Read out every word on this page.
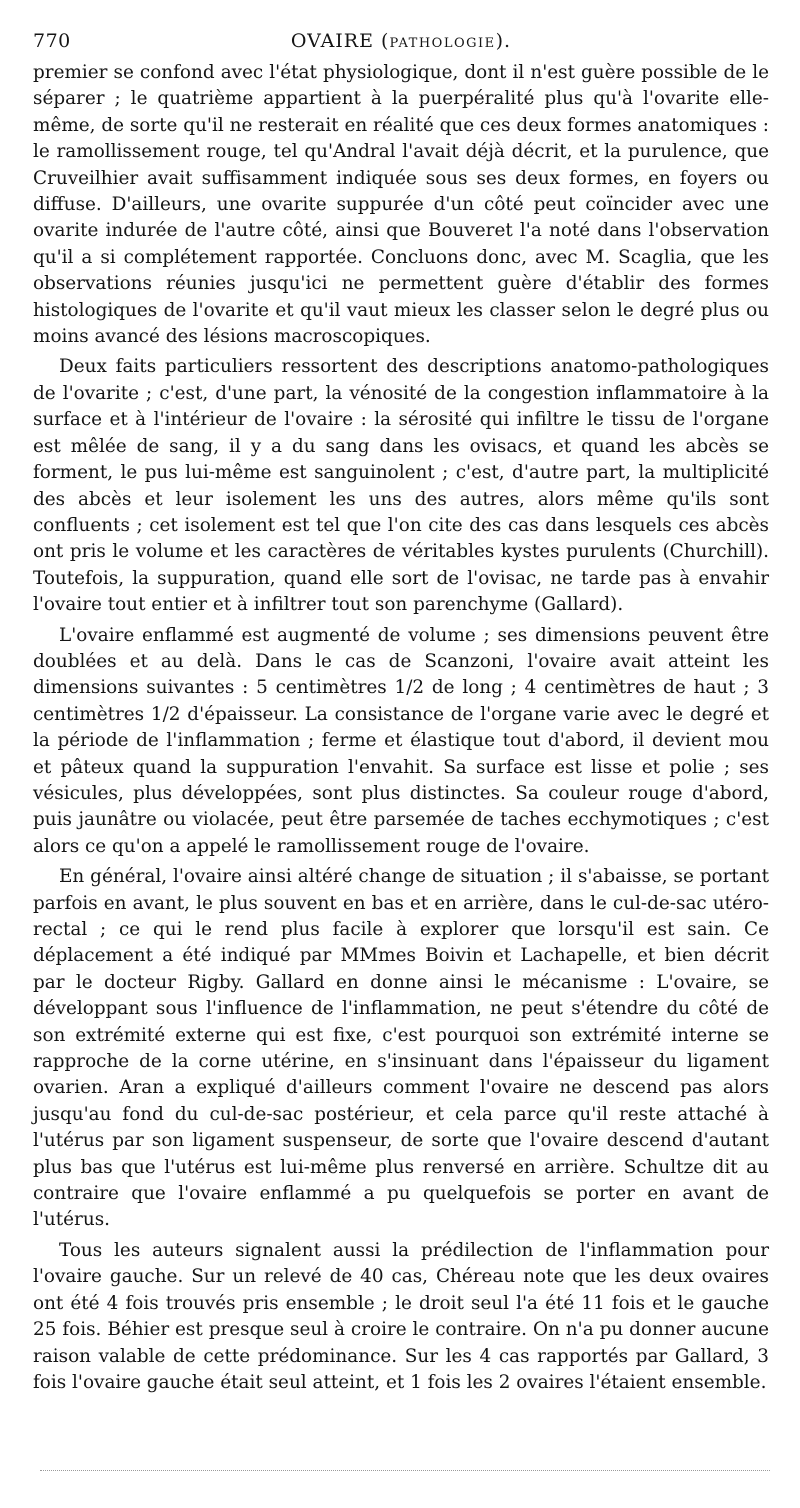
770	OVAIRE (PATHOLOGIE).

premier se confond avec l'état physiologique, dont il n'est guère possible de le séparer ; le quatrième appartient à la puerpéralité plus qu'à l'ovarite elle-même, de sorte qu'il ne resterait en réalité que ces deux formes anatomiques : le ramollissement rouge, tel qu'Andral l'avait déjà décrit, et la purulence, que Cruveilhier avait suffisamment indiquée sous ses deux formes, en foyers ou diffuse. D'ailleurs, une ovarite suppurée d'un côté peut coïncider avec une ovarite indurée de l'autre côté, ainsi que Bouveret l'a noté dans l'observation qu'il a si complétement rapportée. Concluons donc, avec M. Scaglia, que les observations réunies jusqu'ici ne permettent guère d'établir des formes histologiques de l'ovarite et qu'il vaut mieux les classer selon le degré plus ou moins avancé des lésions macroscopiques.

Deux faits particuliers ressortent des descriptions anatomo-pathologiques de l'ovarite ; c'est, d'une part, la vénosité de la congestion inflammatoire à la surface et à l'intérieur de l'ovaire : la sérosité qui infiltre le tissu de l'organe est mêlée de sang, il y a du sang dans les ovisacs, et quand les abcès se forment, le pus lui-même est sanguinolent ; c'est, d'autre part, la multiplicité des abcès et leur isolement les uns des autres, alors même qu'ils sont confluents ; cet isolement est tel que l'on cite des cas dans lesquels ces abcès ont pris le volume et les caractères de véritables kystes purulents (Churchill). Toutefois, la suppuration, quand elle sort de l'ovisac, ne tarde pas à envahir l'ovaire tout entier et à infiltrer tout son parenchyme (Gallard).

L'ovaire enflammé est augmenté de volume ; ses dimensions peuvent être doublées et au delà. Dans le cas de Scanzoni, l'ovaire avait atteint les dimensions suivantes : 5 centimètres 1/2 de long ; 4 centimètres de haut ; 3 centimètres 1/2 d'épaisseur. La consistance de l'organe varie avec le degré et la période de l'inflammation ; ferme et élastique tout d'abord, il devient mou et pâteux quand la suppuration l'envahit. Sa surface est lisse et polie ; ses vésicules, plus développées, sont plus distinctes. Sa couleur rouge d'abord, puis jaunâtre ou violacée, peut être parsemée de taches ecchymotiques ; c'est alors ce qu'on a appelé le ramollissement rouge de l'ovaire.

En général, l'ovaire ainsi altéré change de situation ; il s'abaisse, se portant parfois en avant, le plus souvent en bas et en arrière, dans le cul-de-sac utéro-rectal ; ce qui le rend plus facile à explorer que lorsqu'il est sain. Ce déplacement a été indiqué par MMmes Boivin et Lachapelle, et bien décrit par le docteur Rigby. Gallard en donne ainsi le mécanisme : L'ovaire, se développant sous l'influence de l'inflammation, ne peut s'étendre du côté de son extrémité externe qui est fixe, c'est pourquoi son extrémité interne se rapproche de la corne utérine, en s'insinuant dans l'épaisseur du ligament ovarien. Aran a expliqué d'ailleurs comment l'ovaire ne descend pas alors jusqu'au fond du cul-de-sac postérieur, et cela parce qu'il reste attaché à l'utérus par son ligament suspenseur, de sorte que l'ovaire descend d'autant plus bas que l'utérus est lui-même plus renversé en arrière. Schultze dit au contraire que l'ovaire enflammé a pu quelquefois se porter en avant de l'utérus.

Tous les auteurs signalent aussi la prédilection de l'inflammation pour l'ovaire gauche. Sur un relevé de 40 cas, Chéreau note que les deux ovaires ont été 4 fois trouvés pris ensemble ; le droit seul l'a été 11 fois et le gauche 25 fois. Béhier est presque seul à croire le contraire. On n'a pu donner aucune raison valable de cette prédominance. Sur les 4 cas rapportés par Gallard, 3 fois l'ovaire gauche était seul atteint, et 1 fois les 2 ovaires l'étaient ensemble.
